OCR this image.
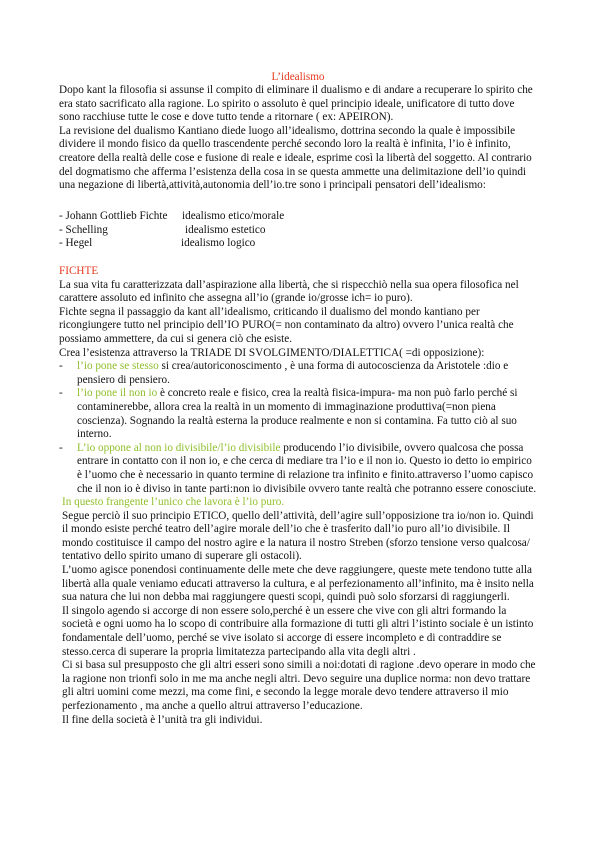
L’idealismo

Dopo kant la filosofia si assunse il compito di eliminare il dualismo e di andare a recuperare lo spirito che era stato sacrificato alla ragione. Lo spirito o assoluto è quel principio ideale, unificatore di tutto dove sono racchiuse tutte le cose e dove tutto tende a ritornare ( ex: APEIRON).

La revisione del dualismo Kantiano diede luogo all’idealismo, dottrina secondo la quale è impossibile dividere il mondo fisico da quello trascendente perché secondo loro la realtà è infinita, l’io è infinito, creatore della realtà delle cose e fusione di reale e ideale, esprime così la libertà del soggetto. Al contrario del dogmatismo che afferma l’esistenza della cosa in se questa ammette una delimitazione dell’io quindi una negazione di libertà,attività,autonomia dell’io.tre sono i principali pensatori dell’idealismo:

- Johann Gottlieb Fichte idealismo etico/morale
- Schelling	idealismo estetico
- Hegel	idealismo logico
FICHTE

La sua vita fu caratterizzata dall’aspirazione alla libertà, che si rispecchiò nella sua opera filosofica nel carattere assoluto ed infinito che assegna all’io (grande io/grosse ich= io puro).

Fichte segna il passaggio da kant all’idealismo, criticando il dualismo del mondo kantiano per ricongiungere tutto nel principio dell’IO PURO(= non contaminato da altro) ovvero l’unica realtà che possiamo ammettere, da cui si genera ciò che esiste.

Crea l’esistenza attraverso la TRIADE DI SVOLGIMENTO/DIALETTICA( =di opposizione):

- l’io pone se stesso si crea/autoriconoscimento , è una forma di autocoscienza da Aristotele :dio e pensiero di pensiero.
- l’io pone il non io è concreto reale e fisico, crea la realtà fisica-impura- ma non può farlo perché si contaminerebbe, allora crea la realtà in un momento di immaginazione produttiva(=non piena coscienza). Sognando la realtà esterna la produce realmente e non si contamina. Fa tutto ciò al suo interno.
- L’io oppone al non io divisibile/l’io divisibile producendo l’io divisibile, ovvero qualcosa che possa entrare in contatto con il non io, e che cerca di mediare tra l’io e il non io. Questo io detto io empirico è l’uomo che è necessario in quanto termine di relazione tra infinito e finito.attraverso l’uomo capisco che il non io è diviso in tante parti:non io divisibile ovvero tante realtà che potranno essere conosciute.

In questo frangente l’unico che lavora è l’io puro.

Segue perciò il suo principio ETICO, quello dell’attività, dell’agire sull’opposizione tra io/non io. Quindi il mondo esiste perché teatro dell’agire morale dell’io che è trasferito dall’io puro all’io divisibile. Il mondo costituisce il campo del nostro agire e la natura il nostro Streben (sforzo tensione verso qualcosa/ tentativo dello spirito umano di superare gli ostacoli).

L’uomo agisce ponendosi continuamente delle mete che deve raggiungere, queste mete tendono tutte alla libertà alla quale veniamo educati attraverso la cultura, e al perfezionamento all’infinito, ma è insito nella sua natura che lui non debba mai raggiungere questi scopi, quindi può solo sforzarsi di raggiungerli.

Il singolo agendo si accorge di non essere solo,perché è un essere che vive con gli altri formando la società e ogni uomo ha lo scopo di contribuire alla formazione di tutti gli altri l’istinto sociale è un istinto fondamentale dell’uomo, perché se vive isolato si accorge di essere incompleto e di contraddire se stesso.cerca di superare la propria limitatezza partecipando alla vita degli altri .

Ci si basa sul presupposto che gli altri esseri sono simili a noi:dotati di ragione .devo operare in modo che la ragione non trionfi solo in me ma anche negli altri. Devo seguire una duplice norma: non devo trattare gli altri uomini come mezzi, ma come fini, e secondo la legge morale devo tendere attraverso il mio perfezionamento , ma anche a quello altrui attraverso l’educazione.

Il fine della società è l’unità tra gli individui.
